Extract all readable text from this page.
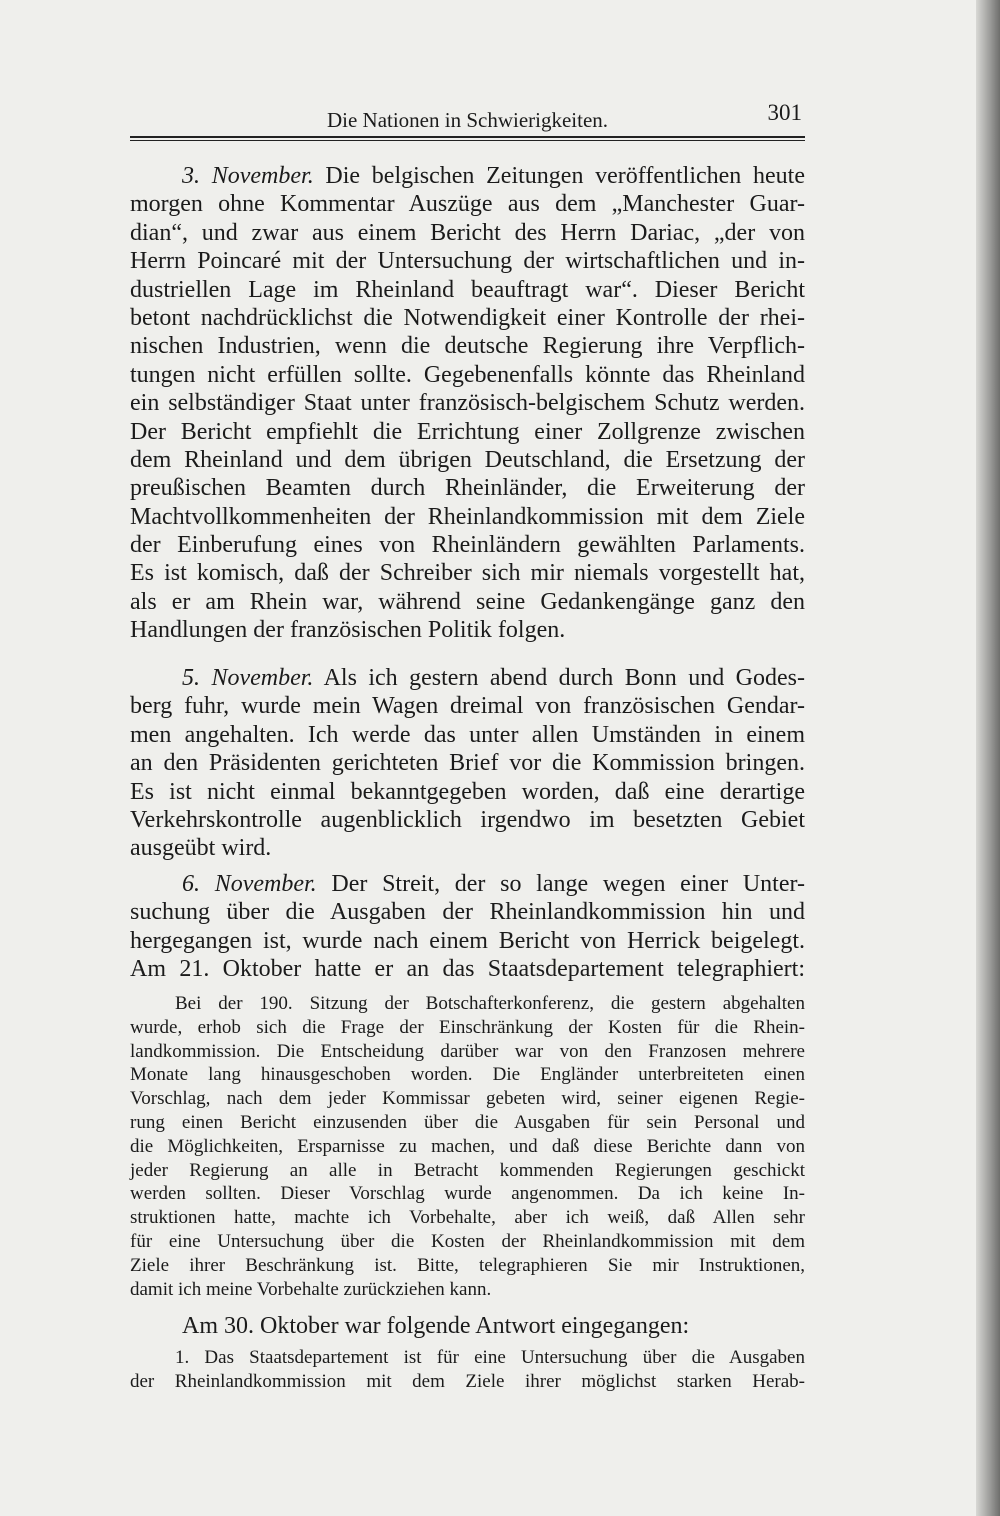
Die Nationen in Schwierigkeiten.	301
3. November. Die belgischen Zeitungen veröffentlichen heute
morgen ohne Kommentar Auszüge aus dem „Manchester Guar-
dian“, und zwar aus einem Bericht des Herrn Dariac, „der von
Herrn Poincaré mit der Untersuchung der wirtschaftlichen und in-
dustriellen Lage im Rheinland beauftragt war“. Dieser Bericht
betont nachdrücklichst die Notwendigkeit einer Kontrolle der rhei-
nischen Industrien, wenn die deutsche Regierung ihre Verpflich-
tungen nicht erfüllen sollte. Gegebenenfalls könnte das Rheinland
ein selbständiger Staat unter französisch-belgischem Schutz werden.
Der Bericht empfiehlt die Errichtung einer Zollgrenze zwischen
dem Rheinland und dem übrigen Deutschland, die Ersetzung der
preußischen Beamten durch Rheinländer, die Erweiterung der
Machtvollkommenheiten der Rheinlandkommission mit dem Ziele
der Einberufung eines von Rheinländern gewählten Parlaments.
Es ist komisch, daß der Schreiber sich mir niemals vorgestellt hat,
als er am Rhein war, während seine Gedankengänge ganz den
Handlungen der französischen Politik folgen.
5. November. Als ich gestern abend durch Bonn und Godes-
berg fuhr, wurde mein Wagen dreimal von französischen Gendar-
men angehalten. Ich werde das unter allen Umständen in einem
an den Präsidenten gerichteten Brief vor die Kommission bringen.
Es ist nicht einmal bekanntgegeben worden, daß eine derartige
Verkehrskontrolle augenblicklich irgendwo im besetzten Gebiet
ausgeübt wird.
6. November. Der Streit, der so lange wegen einer Unter-
suchung über die Ausgaben der Rheinlandkommission hin und
hergegangen ist, wurde nach einem Bericht von Herrick beigelegt.
Am 21. Oktober hatte er an das Staatsdepartement telegraphiert:
Bei der 190. Sitzung der Botschafterkonferenz, die gestern abgehalten
wurde, erhob sich die Frage der Einschränkung der Kosten für die Rhein-
landkommission. Die Entscheidung darüber war von den Franzosen mehrere
Monate lang hinausgeschoben worden. Die Engländer unterbreiteten einen
Vorschlag, nach dem jeder Kommissar gebeten wird, seiner eigenen Regie-
rung einen Bericht einzusenden über die Ausgaben für sein Personal und
die Möglichkeiten, Ersparnisse zu machen, und daß diese Berichte dann von
jeder Regierung an alle in Betracht kommenden Regierungen geschickt
werden sollten. Dieser Vorschlag wurde angenommen. Da ich keine In-
struktionen hatte, machte ich Vorbehalte, aber ich weiß, daß Allen sehr
für eine Untersuchung über die Kosten der Rheinlandkommission mit dem
Ziele ihrer Beschränkung ist. Bitte, telegraphieren Sie mir Instruktionen,
damit ich meine Vorbehalte zurückziehen kann.
Am 30. Oktober war folgende Antwort eingegangen:
1. Das Staatsdepartement ist für eine Untersuchung über die Ausgaben
der Rheinlandkommission mit dem Ziele ihrer möglichst starken Herab-
